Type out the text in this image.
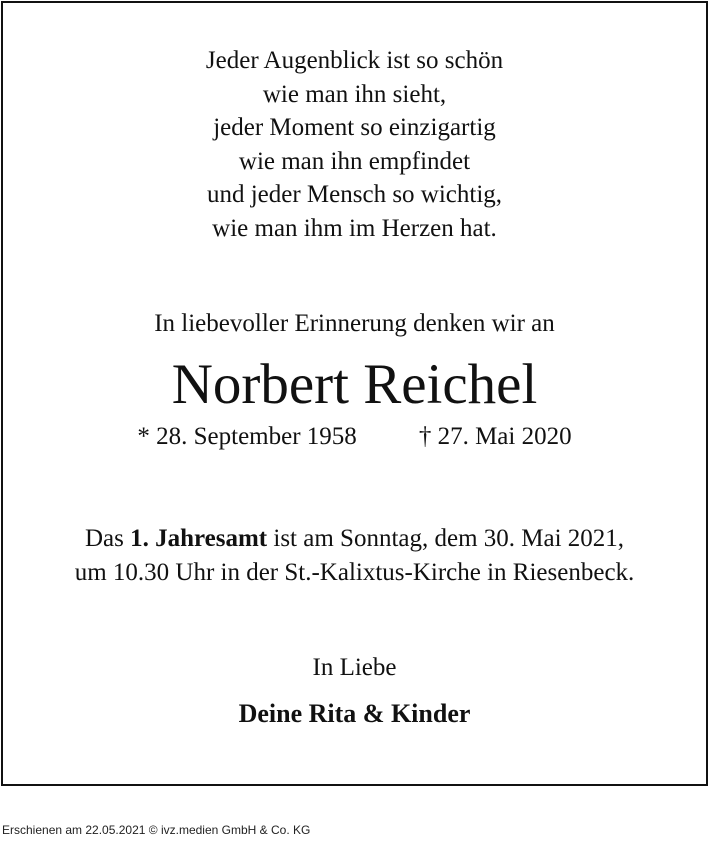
Jeder Augenblick ist so schön
wie man ihn sieht,
jeder Moment so einzigartig
wie man ihn empfindet
und jeder Mensch so wichtig,
wie man ihm im Herzen hat.
In liebevoller Erinnerung denken wir an
Norbert Reichel
* 28. September 1958 † 27. Mai 2020
Das 1. Jahresamt ist am Sonntag, dem 30. Mai 2021,
um 10.30 Uhr in der St.-Kalixtus-Kirche in Riesenbeck.
In Liebe
Deine Rita & Kinder
Erschienen am 22.05.2021 © ivz.medien GmbH & Co. KG
